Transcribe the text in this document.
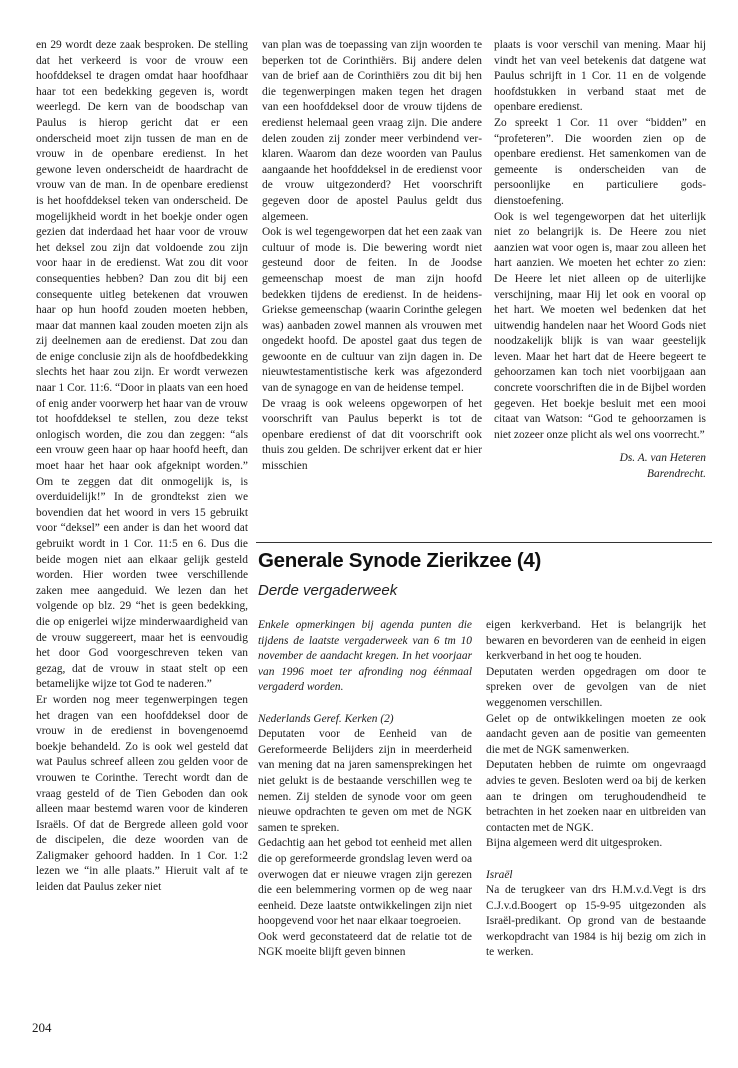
en 29 wordt deze zaak besproken. De stelling dat het verkeerd is voor de vrouw een hoofddeksel te dragen omdat haar hoofdhaar haar tot een bedekking gegeven is, wordt weerlegd. De kern van de boodschap van Paulus is hierop gericht dat er een onderscheid moet zijn tussen de man en de vrouw in de openbare eredienst. In het gewone leven onderscheidt de haardracht de vrouw van de man. In de openbare eredienst is het hoofddeksel teken van onderscheid. De mogelijkheid wordt in het boekje onder ogen gezien dat inderdaad het haar voor de vrouw het deksel zou zijn dat voldoende zou zijn voor haar in de eredienst. Wat zou dit voor consequenties hebben? Dan zou dit bij een consequente uitleg betekenen dat vrouwen haar op hun hoofd zouden moeten hebben, maar dat mannen kaal zouden moeten zijn als zij deelnemen aan de eredienst. Dat zou dan de enige conclusie zijn als de hoofdbedekking slechts het haar zou zijn. Er wordt verwezen naar 1 Cor. 11:6. “Door in plaats van een hoed of enig ander voorwerp het haar van de vrouw tot hoofddeksel te stellen, zou deze tekst onlogisch worden, die zou dan zeggen: “als een vrouw geen haar op haar hoofd heeft, dan moet haar het haar ook afgeknipt worden.” Om te zeggen dat dit onmogelijk is, is overduidelijk!” In de grondtekst zien we bovendien dat het woord in vers 15 gebruikt voor “deksel” een ander is dan het woord dat gebruikt wordt in 1 Cor. 11:5 en 6. Dus die beide mogen niet aan elkaar gelijk gesteld worden. Hier worden twee verschillende zaken mee aangeduid. We lezen dan het volgende op blz. 29 “het is geen bedekking, die op enigerlei wijze minderwaardigheid van de vrouw suggereert, maar het is eenvoudig het door God voorgeschreven teken van gezag, dat de vrouw in staat stelt op een betamelijke wijze tot God te naderen.”

Er worden nog meer tegenwerpingen tegen het dragen van een hoofddeksel door de vrouw in de eredienst in bovengenoemd boekje behandeld. Zo is ook wel gesteld dat wat Paulus schreef alleen zou gelden voor de vrouwen te Corinthe. Terecht wordt dan de vraag gesteld of de Tien Geboden dan ook alleen maar bestemd waren voor de kinderen Israëls. Of dat de Bergrede alleen gold voor de discipelen, die deze woorden van de Zaligmaker gehoord hadden. In 1 Cor. 1:2 lezen we “in alle plaats.” Hieruit valt af te leiden dat Paulus zeker niet

van plan was de toepassing van zijn woorden te beperken tot de Corinthiërs. Bij andere delen van de brief aan de Corinthiërs zou dit bij hen die tegenwerpingen maken tegen het dragen van een hoofddeksel door de vrouw tijdens de eredienst helemaal geen vraag zijn. Die andere delen zouden zij zonder meer verbindend verklaren. Waarom dan deze woorden van Paulus aangaande het hoofddeksel in de eredienst voor de vrouw uitgezonderd? Het voorschrift gegeven door de apostel Paulus geldt dus algemeen.

Ook is wel tegengeworpen dat het een zaak van cultuur of mode is. Die bewering wordt niet gesteund door de feiten. In de Joodse gemeenschap moest de man zijn hoofd bedekken tijdens de eredienst. In de heidens-Griekse gemeenschap (waarin Corinthe gelegen was) aanbaden zowel mannen als vrouwen met ongedekt hoofd. De apostel gaat dus tegen de gewoonte en de cultuur van zijn dagen in. De nieuwtestamentistische kerk was afgezonderd van de synagoge en van de heidense tempel.

De vraag is ook weleens opgeworpen of het voorschrift van Paulus beperkt is tot de openbare eredienst of dat dit voorschrift ook thuis zou gelden. De schrijver erkent dat er hier misschien

plaats is voor verschil van mening. Maar hij vindt het van veel betekenis dat datgene wat Paulus schrijft in 1 Cor. 11 en de volgende hoofdstukken in verband staat met de openbare eredienst.

Zo spreekt 1 Cor. 11 over “bidden” en “profeteren”. Die woorden zien op de openbare eredienst. Het samenkomen van de gemeente is onderscheiden van de persoonlijke en particuliere godsdienstoefening.

Ook is wel tegengeworpen dat het uiterlijk niet zo belangrijk is. De Heere zou niet aanzien wat voor ogen is, maar zou alleen het hart aanzien. We moeten het echter zo zien: De Heere let niet alleen op de uiterlijke verschijning, maar Hij let ook en vooral op het hart. We moeten wel bedenken dat het uitwendig handelen naar het Woord Gods niet noodzakelijk blijk is van waar geestelijk leven. Maar het hart dat de Heere begeert te gehoorzamen kan toch niet voorbijgaan aan concrete voorschriften die in de Bijbel worden gegeven. Het boekje besluit met een mooi citaat van Watson: “God te gehoorzamen is niet zozeer onze plicht als wel ons voorrecht.”

Ds. A. van Heteren
Barendrecht.

Generale Synode Zierikzee (4)
Derde vergaderweek

Enkele opmerkingen bij agenda punten die tijdens de laatste vergaderweek van 6 tm 10 november de aandacht kregen. In het voorjaar van 1996 moet ter afronding nog éénmaal vergaderd worden.

Nederlands Geref. Kerken (2)

Deputaten voor de Eenheid van de Gereformeerde Belijders zijn in meerderheid van mening dat na jaren samensprekingen het niet gelukt is de bestaande verschillen weg te nemen. Zij stelden de synode voor om geen nieuwe opdrachten te geven om met de NGK samen te spreken.

Gedachtig aan het gebod tot eenheid met allen die op gereformeerde grondslag leven werd oa overwogen dat er nieuwe vragen zijn gerezen die een belemmering vormen op de weg naar eenheid. Deze laatste ontwikkelingen zijn niet hoopgevend voor het naar elkaar toegroeien.

Ook werd geconstateerd dat de relatie tot de NGK moeite blijft geven binnen

eigen kerkverband. Het is belangrijk het bewaren en bevorderen van de eenheid in eigen kerkverband in het oog te houden.

Deputaten werden opgedragen om door te spreken over de gevolgen van de niet weggenomen verschillen.

Gelet op de ontwikkelingen moeten ze ook aandacht geven aan de positie van gemeenten die met de NGK samenwerken.

Deputaten hebben de ruimte om ongevraagd advies te geven. Besloten werd oa bij de kerken aan te dringen om terughoudendheid te betrachten in het zoeken naar en uitbreiden van contacten met de NGK.

Bijna algemeen werd dit uitgesproken.

Israël

Na de terugkeer van drs H.M.v.d.Vegt is drs C.J.v.d.Boogert op 15-9-95 uitgezonden als Israël-predikant. Op grond van de bestaande werkopdracht van 1984 is hij bezig om zich in te werken.

204
